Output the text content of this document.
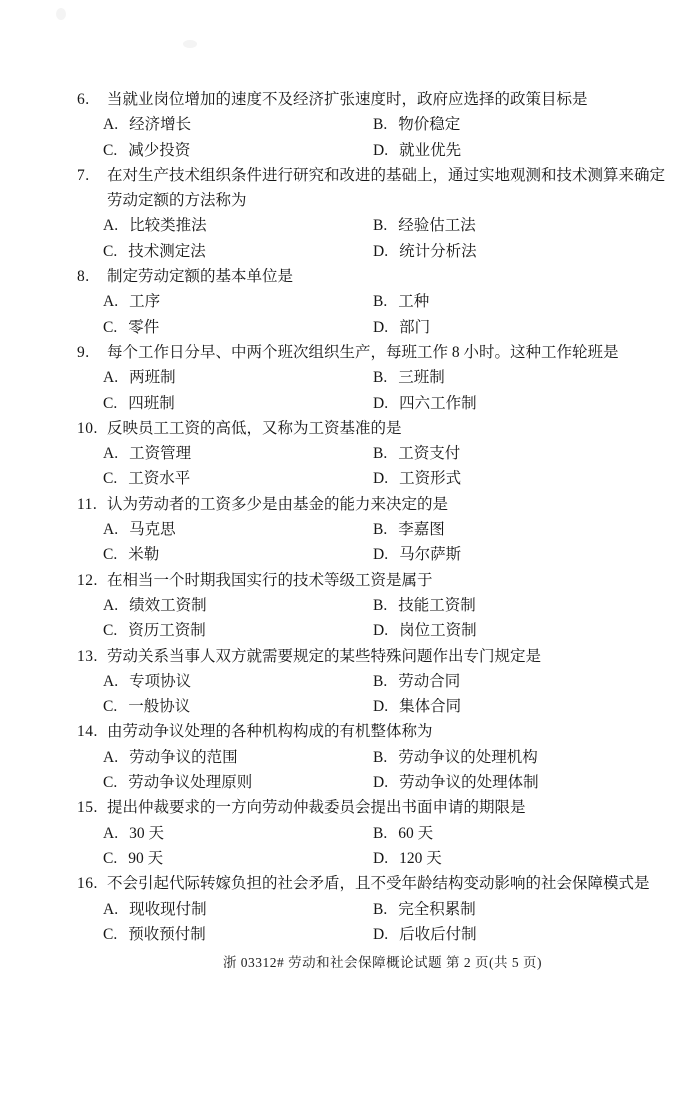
6.	当就业岗位增加的速度不及经济扩张速度时，政府应选择的政策目标是
A. 经济增长	B. 物价稳定
C. 减少投资	D. 就业优先
7.	在对生产技术组织条件进行研究和改进的基础上，通过实地观测和技术测算来确定劳动定额的方法称为
A. 比较类推法	B. 经验估工法
C. 技术测定法	D. 统计分析法
8.	制定劳动定额的基本单位是
A. 工序	B. 工种
C. 零件	D. 部门
9.	每个工作日分早、中两个班次组织生产，每班工作 8 小时。这种工作轮班是
A. 两班制	B. 三班制
C. 四班制	D. 四六工作制
10. 反映员工工资的高低，又称为工资基准的是
A. 工资管理	B. 工资支付
C. 工资水平	D. 工资形式
11. 认为劳动者的工资多少是由基金的能力来决定的是
A. 马克思	B. 李嘉图
C. 米勒	D. 马尔萨斯
12. 在相当一个时期我国实行的技术等级工资是属于
A. 绩效工资制	B. 技能工资制
C. 资历工资制	D. 岗位工资制
13. 劳动关系当事人双方就需要规定的某些特殊问题作出专门规定是
A. 专项协议	B. 劳动合同
C. 一般协议	D. 集体合同
14. 由劳动争议处理的各种机构构成的有机整体称为
A. 劳动争议的范围	B. 劳动争议的处理机构
C. 劳动争议处理原则	D. 劳动争议的处理体制
15. 提出仲裁要求的一方向劳动仲裁委员会提出书面申请的期限是
A. 30 天	B. 60 天
C. 90 天	D. 120 天
16. 不会引起代际转嫁负担的社会矛盾，且不受年龄结构变动影响的社会保障模式是
A. 现收现付制	B. 完全积累制
C. 预收预付制	D. 后收后付制
浙 03312# 劳动和社会保障概论试题 第 2 页(共 5 页)
